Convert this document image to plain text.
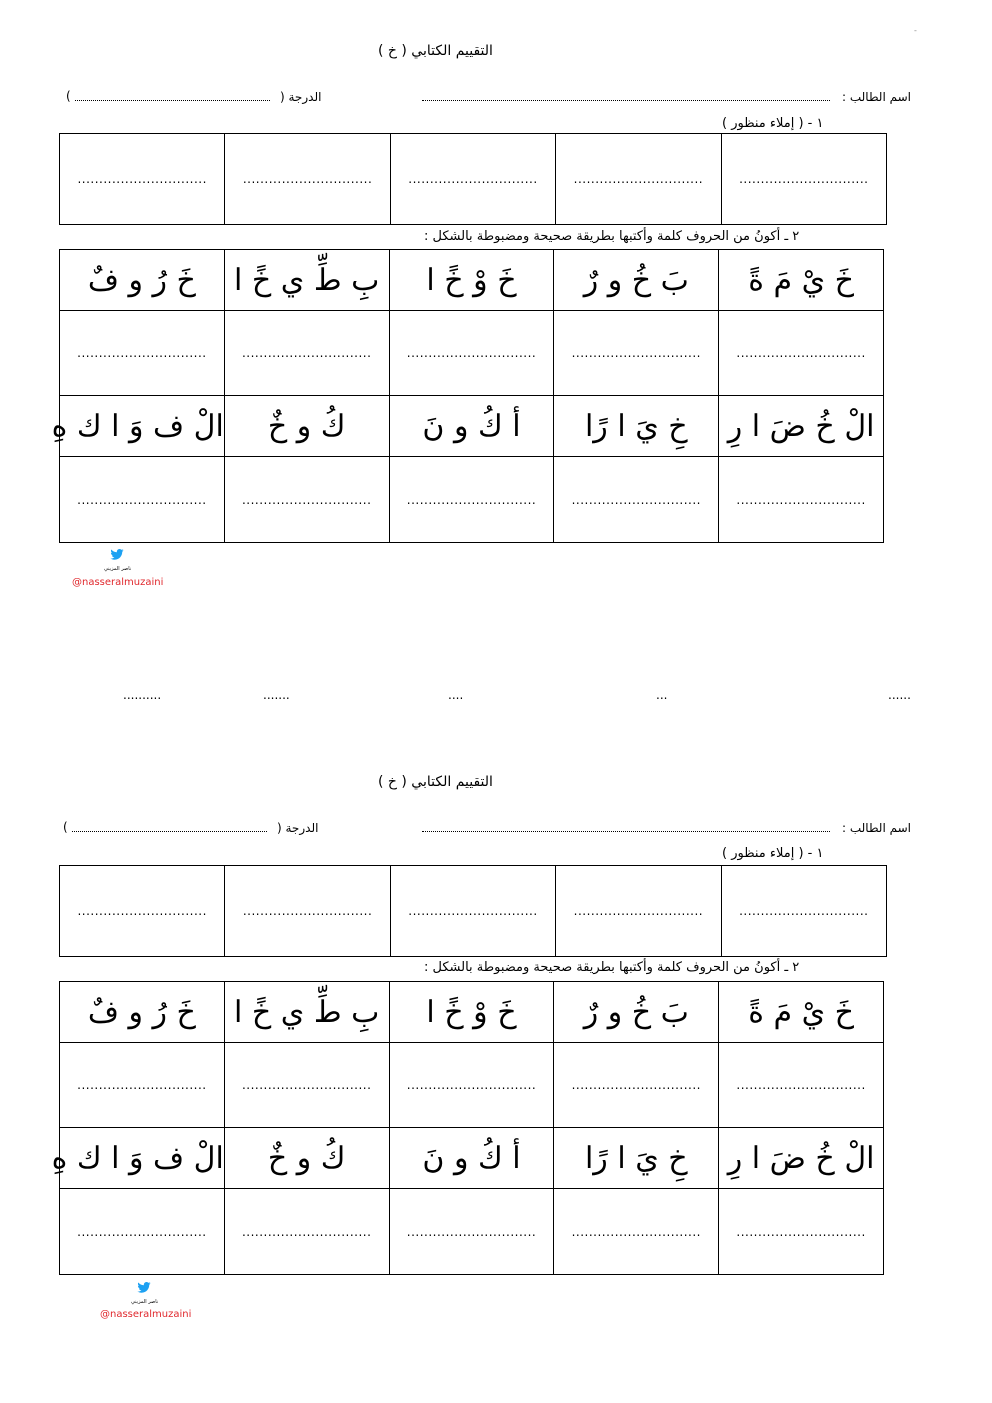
-
التقييم الكتابي ( خ )
اسم الطالب :
الدرجة (
)
١ - ( إملاء منظور )
..............................	..............................	..............................	..............................	..............................
٢ ـ أكونُ من الحروف كلمة وأكتبها بطريقة صحيحة ومضبوطة بالشكل :
خَ رُ و فٌ	بِ طِّ ي خً ا	خَ وْ خً ا	بَ خُ و رٌ	خَ يْ مَ ةً
..............................	..............................	..............................	..............................	..............................
الْ ف وَ ا ك هِ	كُ و خٌ	أ كُ و نَ	خِ يَ ا رًا	الْ خُ ضَ ا رِ
..............................	..............................	..............................	..............................	..............................
ناصر المزيني
@nasseralmuzaini
..........	.......	....	...	......
التقييم الكتابي ( خ )
اسم الطالب :
الدرجة (
)
١ - ( إملاء منظور )
..............................	..............................	..............................	..............................	..............................
٢ ـ أكونُ من الحروف كلمة وأكتبها بطريقة صحيحة ومضبوطة بالشكل :
خَ رُ و فٌ	بِ طِّ ي خً ا	خَ وْ خً ا	بَ خُ و رٌ	خَ يْ مَ ةً
..............................	..............................	..............................	..............................	..............................
الْ ف وَ ا ك هِ	كُ و خٌ	أ كُ و نَ	خِ يَ ا رًا	الْ خُ ضَ ا رِ
..............................	..............................	..............................	..............................	..............................
ناصر المزيني
@nasseralmuzaini
